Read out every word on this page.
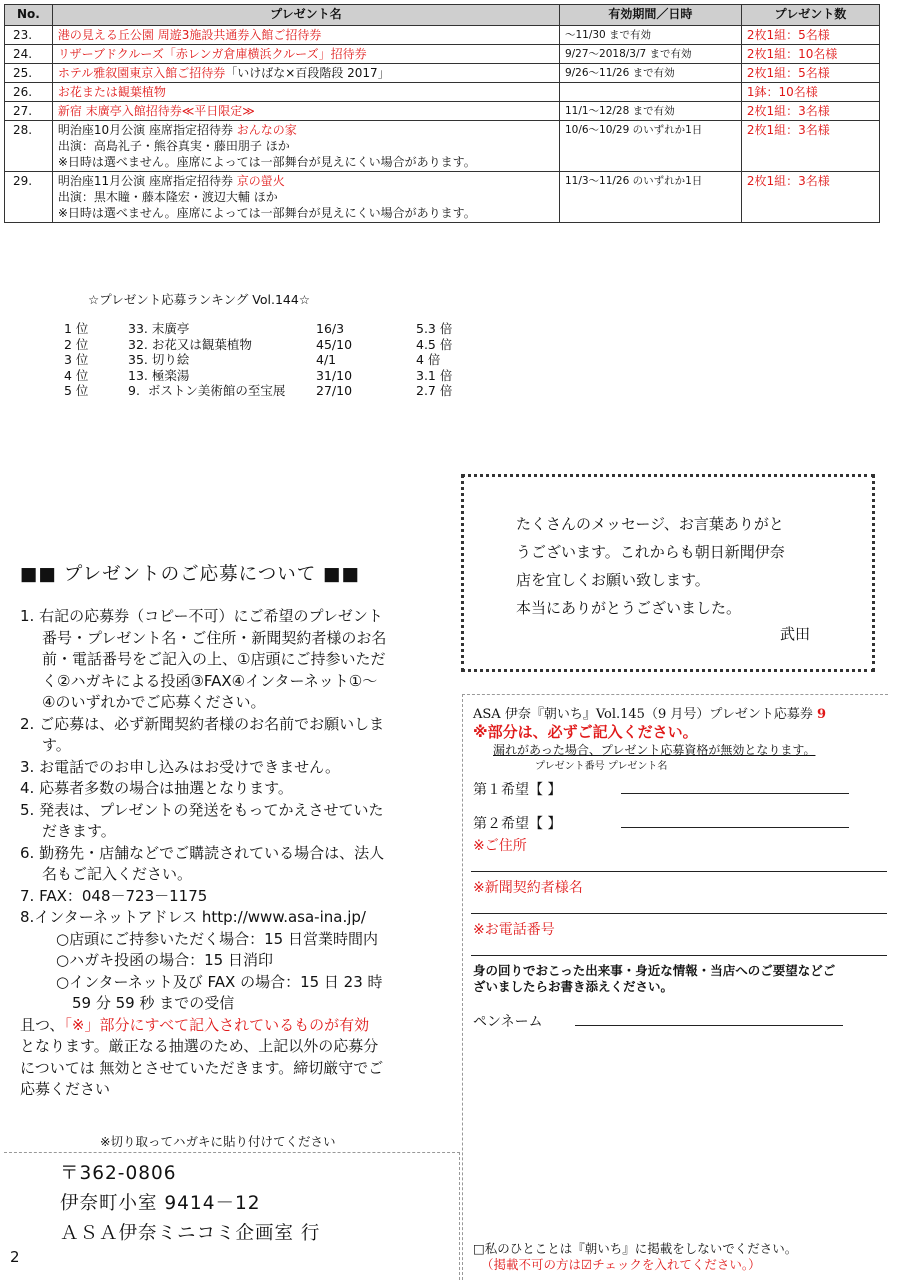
No.	プレゼント名	有効期間／日時	プレゼント数
23.	港の見える丘公園 周遊3施設共通券入館ご招待券	～11/30 まで有効	2枚1組：5名様
24.	リザーブドクルーズ「赤レンガ倉庫横浜クルーズ」招待券	9/27～2018/3/7 まで有効	2枚1組：10名様
25.	ホテル雅叙園東京入館ご招待券「いけばな×百段階段 2017」	9/26～11/26 まで有効	2枚1組：5名様
26.	お花または観葉植物		1鉢：10名様
27.	新宿 末廣亭入館招待券≪平日限定≫	11/1～12/28 まで有効	2枚1組：3名様
28.	明治座10月公演 座席指定招待券 おんなの家
出演：高島礼子・熊谷真実・藤田朋子 ほか
※日時は選べません。座席によっては一部舞台が見えにくい場合があります。	10/6～10/29 のいずれか1日	2枚1組：3名様
29.	明治座11月公演 座席指定招待券 京の螢火
出演：黒木瞳・藤本隆宏・渡辺大輔 ほか
※日時は選べません。座席によっては一部舞台が見えにくい場合があります。	11/3～11/26 のいずれか1日	2枚1組：3名様
☆プレゼント応募ランキング Vol.144☆
1 位	33. 末廣亭	16/3	5.3 倍
2 位	32. お花又は観葉植物	45/10	4.5 倍
3 位	35. 切り絵	4/1	4 倍
4 位	13. 極楽湯	31/10	3.1 倍
5 位	9.  ボストン美術館の至宝展	27/10	2.7 倍
たくさんのメッセージ、お言葉ありがと
うございます。これからも朝日新聞伊奈
店を宜しくお願い致します。
本当にありがとうございました。
武田
■■ プレゼントのご応募について ■■

1. 右記の応募券（コピー不可）にご希望のプレゼント

番号・プレゼント名・ご住所・新聞契約者様のお名

前・電話番号をご記入の上、①店頭にご持参いただ

く②ハガキによる投函③FAX④インターネット①～

④のいずれかでご応募ください。

2. ご応募は、必ず新聞契約者様のお名前でお願いしま

す。

3. お電話でのお申し込みはお受けできません。

4. 応募者多数の場合は抽選となります。

5. 発表は、プレゼントの発送をもってかえさせていた

だきます。

6. 勤務先・店舗などでご購読されている場合は、法人

名もご記入ください。

7. FAX：048－723－1175

8.インターネットアドレス http://www.asa-ina.jp/

○店頭にご持参いただく場合：15 日営業時間内

○ハガキ投函の場合：15 日消印

○インターネット及び FAX の場合：15 日 23 時

59 分 59 秒 までの受信

且つ、「※」部分にすべて記入されているものが有効

となります。厳正なる抽選のため、上記以外の応募分

については 無効とさせていただきます。締切厳守でご

応募ください

※切り取ってハガキに貼り付けてください
〒362-0806
伊奈町小室 9414－12
ＡＳＡ伊奈ミニコミ企画室 行
2
ASA 伊奈『朝いち』Vol.145（9 月号）プレゼント応募券 9
※部分は、必ずご記入ください。
漏れがあった場合、プレゼント応募資格が無効となります。
プレゼント番号 プレゼント名
第１希望【 】
第２希望【 】
※ご住所
※新聞契約者様名
※お電話番号
身の回りでおこった出来事・身近な情報・当店へのご要望などご
ざいましたらお書き添えください。
ペンネーム
□私のひとことは『朝いち』に掲載をしないでください。
（掲載不可の方は☑チェックを入れてください。）
